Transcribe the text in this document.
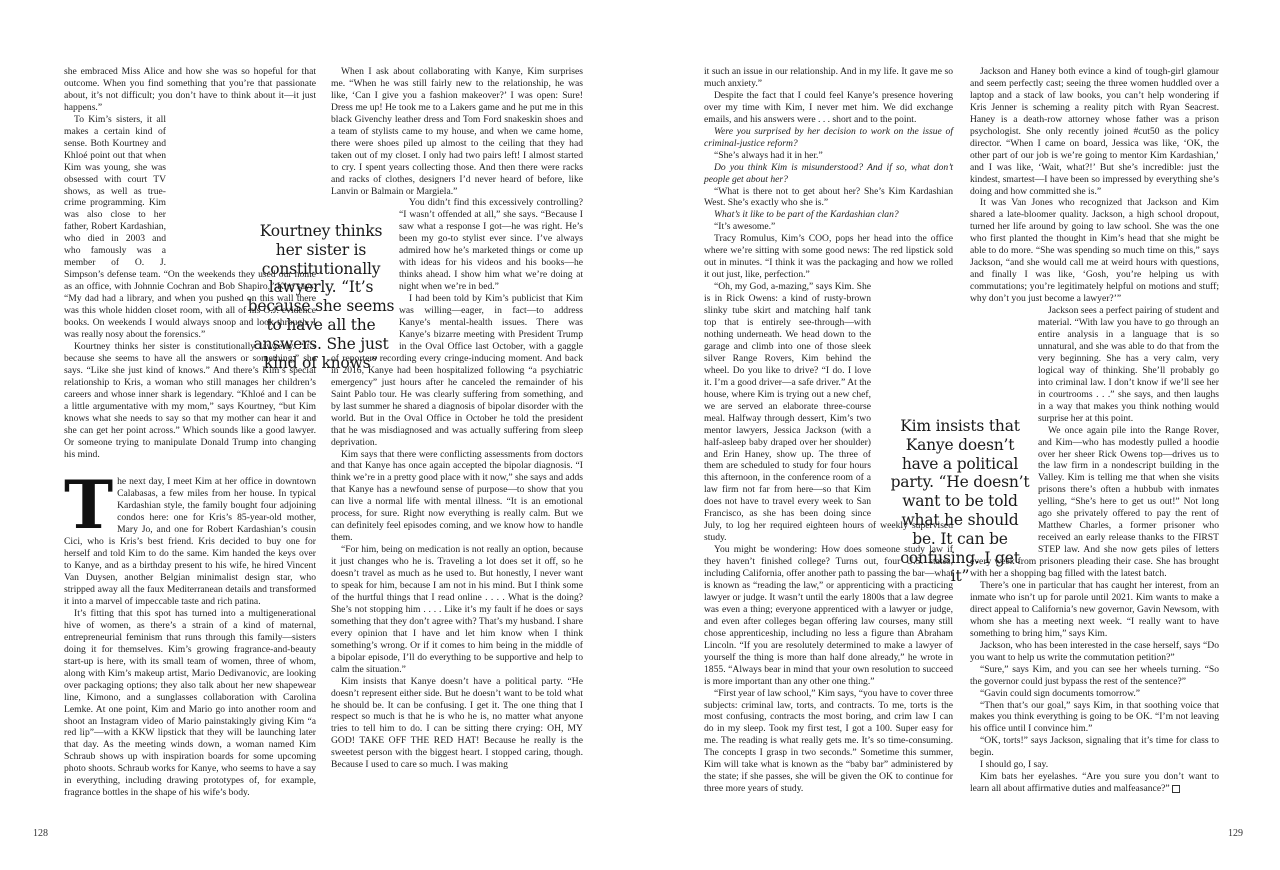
Kourtney thinks her sister is constitutionally lawyerly. “It’s because she seems to have all the answers. She just kind of knows”
Kim insists that Kanye doesn’t have a political party. “He doesn’t want to be told what he should be. It can be confusing. I get it”

she embraced Miss Alice and how she was so hopeful for that outcome. When you find something that you’re that passionate about, it’s not difficult; you don’t have to think about it—it just happens.”

To Kim’s sisters, it all makes a certain kind of sense. Both Kourtney and Khloé point out that when Kim was young, she was obsessed with court TV shows, as well as true-crime programming. Kim was also close to her father, Robert Kardashian, who died in 2003 and who famously was a member of O. J. Simpson’s defense team. “On the weekends they used our home as an office, with Johnnie Cochran and Bob Shapiro,” Kim says. “My dad had a library, and when you pushed on this wall there was this whole hidden closet room, with all of his O.J. evidence books. On weekends I would always snoop and look through. I was really nosy about the forensics.”

Kourtney thinks her sister is constitutionally lawyerly. “It’s because she seems to have all the answers or something,” she says. “Like she just kind of knows.” And there’s Kim’s special relationship to Kris, a woman who still manages her children’s careers and whose inner shark is legendary. “Khloé and I can be a little argumentative with my mom,” says Kourtney, “but Kim knows what she needs to say so that my mother can hear it and she can get her point across.” Which sounds like a good lawyer. Or someone trying to manipulate Donald Trump into changing his mind.

The next day, I meet Kim at her office in downtown Calabasas, a few miles from her house. In typical Kardashian style, the family bought four adjoining condos here: one for Kris’s 85-year-old mother, Mary Jo, and one for Robert Kardashian’s cousin Cici, who is Kris’s best friend. Kris decided to buy one for herself and told Kim to do the same. Kim handed the keys over to Kanye, and as a birthday present to his wife, he hired Vincent Van Duysen, another Belgian minimalist design star, who stripped away all the faux Mediterranean details and transformed it into a marvel of impeccable taste and rich patina.

It’s fitting that this spot has turned into a multigenerational hive of women, as there’s a strain of a kind of maternal, entrepreneurial feminism that runs through this family—sisters doing it for themselves. Kim’s growing fragrance-and-beauty start-up is here, with its small team of women, three of whom, along with Kim’s makeup artist, Mario Dedivanovic, are looking over packaging options; they also talk about her new shapewear line, Kimono, and a sunglasses collaboration with Carolina Lemke. At one point, Kim and Mario go into another room and shoot an Instagram video of Mario painstakingly giving Kim “a red lip”—with a KKW lipstick that they will be launching later that day. As the meeting winds down, a woman named Kim Schraub shows up with inspiration boards for some upcoming photo shoots. Schraub works for Kanye, who seems to have a say in everything, including drawing prototypes of, for example, fragrance bottles in the shape of his wife’s body.

When I ask about collaborating with Kanye, Kim surprises me. “When he was still fairly new to the relationship, he was like, ‘Can I give you a fashion makeover?’ I was open: Sure! Dress me up! He took me to a Lakers game and he put me in this black Givenchy leather dress and Tom Ford snakeskin shoes and a team of stylists came to my house, and when we came home, there were shoes piled up almost to the ceiling that they had taken out of my closet. I only had two pairs left! I almost started to cry. I spent years collecting those. And then there were racks and racks of clothes, designers I’d never heard of before, like Lanvin or Balmain or Margiela.”

You didn’t find this excessively controlling? “I wasn’t offended at all,” she says. “Because I saw what a response I got—he was right. He’s been my go-to stylist ever since. I’ve always admired how he’s marketed things or come up with ideas for his videos and his books—he thinks ahead. I show him what we’re doing at night when we’re in bed.”

I had been told by Kim’s publicist that Kim was willing—eager, in fact—to address Kanye’s mental-health issues. There was Kanye’s bizarre meeting with President Trump in the Oval Office last October, with a gaggle of reporters recording every cringe-inducing moment. And back in 2016, Kanye had been hospitalized following “a psychiatric emergency” just hours after he canceled the remainder of his Saint Pablo tour. He was clearly suffering from something, and by last summer he shared a diagnosis of bipolar disorder with the world. But in the Oval Office in October he told the president that he was misdiagnosed and was actually suffering from sleep deprivation.

Kim says that there were conflicting assessments from doctors and that Kanye has once again accepted the bipolar diagnosis. “I think we’re in a pretty good place with it now,” she says and adds that Kanye has a newfound sense of purpose—to show that you can live a normal life with mental illness. “It is an emotional process, for sure. Right now everything is really calm. But we can definitely feel episodes coming, and we know how to handle them.

“For him, being on medication is not really an option, because it just changes who he is. Traveling a lot does set it off, so he doesn’t travel as much as he used to. But honestly, I never want to speak for him, because I am not in his mind. But I think some of the hurtful things that I read online . . . . What is the doing? She’s not stopping him . . . . Like it’s my fault if he does or says something that they don’t agree with? That’s my husband. I share every opinion that I have and let him know when I think something’s wrong. Or if it comes to him being in the middle of a bipolar episode, I’ll do everything to be supportive and help to calm the situation.”

Kim insists that Kanye doesn’t have a political party. “He doesn’t represent either side. But he doesn’t want to be told what he should be. It can be confusing. I get it. The one thing that I respect so much is that he is who he is, no matter what anyone tries to tell him to do. I can be sitting there crying: OH, MY GOD! TAKE OFF THE RED HAT! Because he really is the sweetest person with the biggest heart. I stopped caring, though. Because I used to care so much. I was making

it such an issue in our relationship. And in my life. It gave me so much anxiety.”

Despite the fact that I could feel Kanye’s presence hovering over my time with Kim, I never met him. We did exchange emails, and his answers were . . . short and to the point.

Were you surprised by her decision to work on the issue of criminal-justice reform?

“She’s always had it in her.”

Do you think Kim is misunderstood? And if so, what don’t people get about her?

“What is there not to get about her? She’s Kim Kardashian West. She’s exactly who she is.”

What’s it like to be part of the Kardashian clan?

“It’s awesome.”

Tracy Romulus, Kim’s COO, pops her head into the office where we’re sitting with some good news: The red lipstick sold out in minutes. “I think it was the packaging and how we rolled it out just, like, perfection.”

“Oh, my God, a-mazing,” says Kim. She is in Rick Owens: a kind of rusty-brown slinky tube skirt and matching half tank top that is entirely see-through—with nothing underneath. We head down to the garage and climb into one of those sleek silver Range Rovers, Kim behind the wheel. Do you like to drive? “I do. I love it. I’m a good driver—a safe driver.” At the house, where Kim is trying out a new chef, we are served an elaborate three-course meal. Halfway through dessert, Kim’s two mentor lawyers, Jessica Jackson (with a half-asleep baby draped over her shoulder) and Erin Haney, show up. The three of them are scheduled to study for four hours this afternoon, in the conference room of a law firm not far from here—so that Kim does not have to travel every week to San Francisco, as she has been doing since July, to log her required eighteen hours of weekly supervised study.

You might be wondering: How does someone study law if they haven’t finished college? Turns out, four U.S. states, including California, offer another path to passing the bar—what is known as “reading the law,” or apprenticing with a practicing lawyer or judge. It wasn’t until the early 1800s that a law degree was even a thing; everyone apprenticed with a lawyer or judge, and even after colleges began offering law courses, many still chose apprenticeship, including no less a figure than Abraham Lincoln. “If you are resolutely determined to make a lawyer of yourself the thing is more than half done already,” he wrote in 1855. “Always bear in mind that your own resolution to succeed is more important than any other one thing.”

“First year of law school,” Kim says, “you have to cover three subjects: criminal law, torts, and contracts. To me, torts is the most confusing, contracts the most boring, and crim law I can do in my sleep. Took my first test, I got a 100. Super easy for me. The reading is what really gets me. It’s so time-consuming. The concepts I grasp in two seconds.” Sometime this summer, Kim will take what is known as the “baby bar” administered by the state; if she passes, she will be given the OK to continue for three more years of study.

Jackson and Haney both evince a kind of tough-girl glamour and seem perfectly cast; seeing the three women huddled over a laptop and a stack of law books, you can’t help wondering if Kris Jenner is scheming a reality pitch with Ryan Seacrest. Haney is a death-row attorney whose father was a prison psychologist. She only recently joined #cut50 as the policy director. “When I came on board, Jessica was like, ‘OK, the other part of our job is we’re going to mentor Kim Kardashian,’ and I was like, ‘Wait, what?!’ But she’s incredible: just the kindest, smartest—I have been so impressed by everything she’s doing and how committed she is.”

It was Van Jones who recognized that Jackson and Kim shared a late-bloomer quality. Jackson, a high school dropout, turned her life around by going to law school. She was the one who first planted the thought in Kim’s head that she might be able to do more. “She was spending so much time on this,” says Jackson, “and she would call me at weird hours with questions, and finally I was like, ‘Gosh, you’re helping us with commutations; you’re legitimately helpful on motions and stuff; why don’t you just become a lawyer?’”

Jackson sees a perfect pairing of student and material. “With law you have to go through an entire analysis in a language that is so unnatural, and she was able to do that from the very beginning. She has a very calm, very logical way of thinking. She’ll probably go into criminal law. I don’t know if we’ll see her in courtrooms . . .” she says, and then laughs in a way that makes you think nothing would surprise her at this point.

We once again pile into the Range Rover, and Kim—who has modestly pulled a hoodie over her sheer Rick Owens top—drives us to the law firm in a nondescript building in the Valley. Kim is telling me that when she visits prisons there’s often a hubbub with inmates yelling, “She’s here to get us out!” Not long ago she privately offered to pay the rent of Matthew Charles, a former prisoner who received an early release thanks to the FIRST STEP law. And she now gets piles of letters every week from prisoners pleading their case. She has brought with her a shopping bag filled with the latest batch.

There’s one in particular that has caught her interest, from an inmate who isn’t up for parole until 2021. Kim wants to make a direct appeal to California’s new governor, Gavin Newsom, with whom she has a meeting next week. “I really want to have something to bring him,” says Kim.

Jackson, who has been interested in the case herself, says “Do you want to help us write the commutation petition?”

“Sure,” says Kim, and you can see her wheels turning. “So the governor could just bypass the rest of the sentence?”

“Gavin could sign documents tomorrow.”

“Then that’s our goal,” says Kim, in that soothing voice that makes you think everything is going to be OK. “I’m not leaving his office until I convince him.”

“OK, torts!” says Jackson, signaling that it’s time for class to begin.

I should go, I say.

Kim bats her eyelashes. “Are you sure you don’t want to learn all about affirmative duties and malfeasance?”

128	129
